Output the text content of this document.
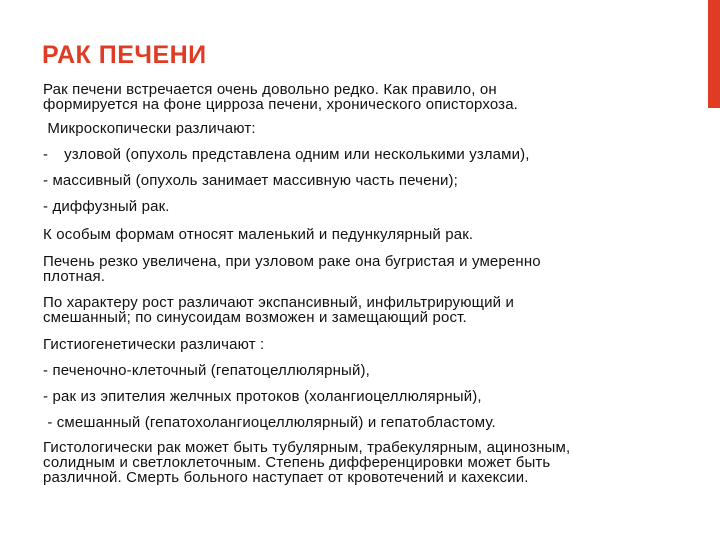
РАК ПЕЧЕНИ

Рак печени встречается очень довольно редко. Как правило, он
формируется на фоне цирроза печени, хронического описторхоза.

Микроскопически различают:

- узловой (опухоль представлена одним или несколькими узлами),

- массивный (опухоль занимает массивную часть печени);

- диффузный рак.

К особым формам относят маленький и педункулярный рак.

Печень резко увеличена, при узловом раке она бугристая и умеренно
плотная.

По характеру рост различают экспансивный, инфильтрирующий и
смешанный; по синусоидам возможен и замещающий рост.

Гистиогенетически различают :

- печеночно-клеточный (гепатоцеллюлярный),

- рак из эпителия желчных протоков (холангиоцеллюлярный),

- смешанный (гепатохолангиоцеллюлярный) и гепатобластому.

Гистологически рак может быть тубулярным, трабекулярным, ацинозным,
солидным и светлоклеточным. Степень дифференцировки может быть
различной. Смерть больного наступает от кровотечений и кахексии.
